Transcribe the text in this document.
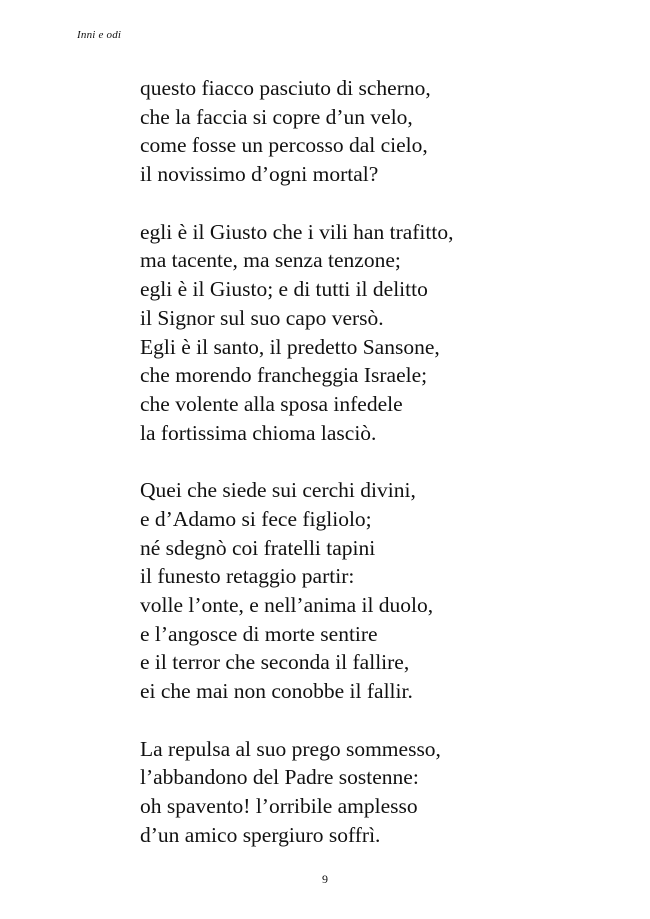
Inni e odi
questo fiacco pasciuto di scherno,
che la faccia si copre d’un velo,
come fosse un percosso dal cielo,
il novissimo d’ogni mortal?
egli è il Giusto che i vili han trafitto,
ma tacente, ma senza tenzone;
egli è il Giusto; e di tutti il delitto
il Signor sul suo capo versò.
Egli è il santo, il predetto Sansone,
che morendo francheggia Israele;
che volente alla sposa infedele
la fortissima chioma lasciò.
Quei che siede sui cerchi divini,
e d’Adamo si fece figliolo;
né sdegnò coi fratelli tapini
il funesto retaggio partir:
volle l’onte, e nell’anima il duolo,
e l’angosce di morte sentire
e il terror che seconda il fallire,
ei che mai non conobbe il fallir.
La repulsa al suo prego sommesso,
l’abbandono del Padre sostenne:
oh spavento! l’orribile amplesso
d’un amico spergiuro soffrì.
9
